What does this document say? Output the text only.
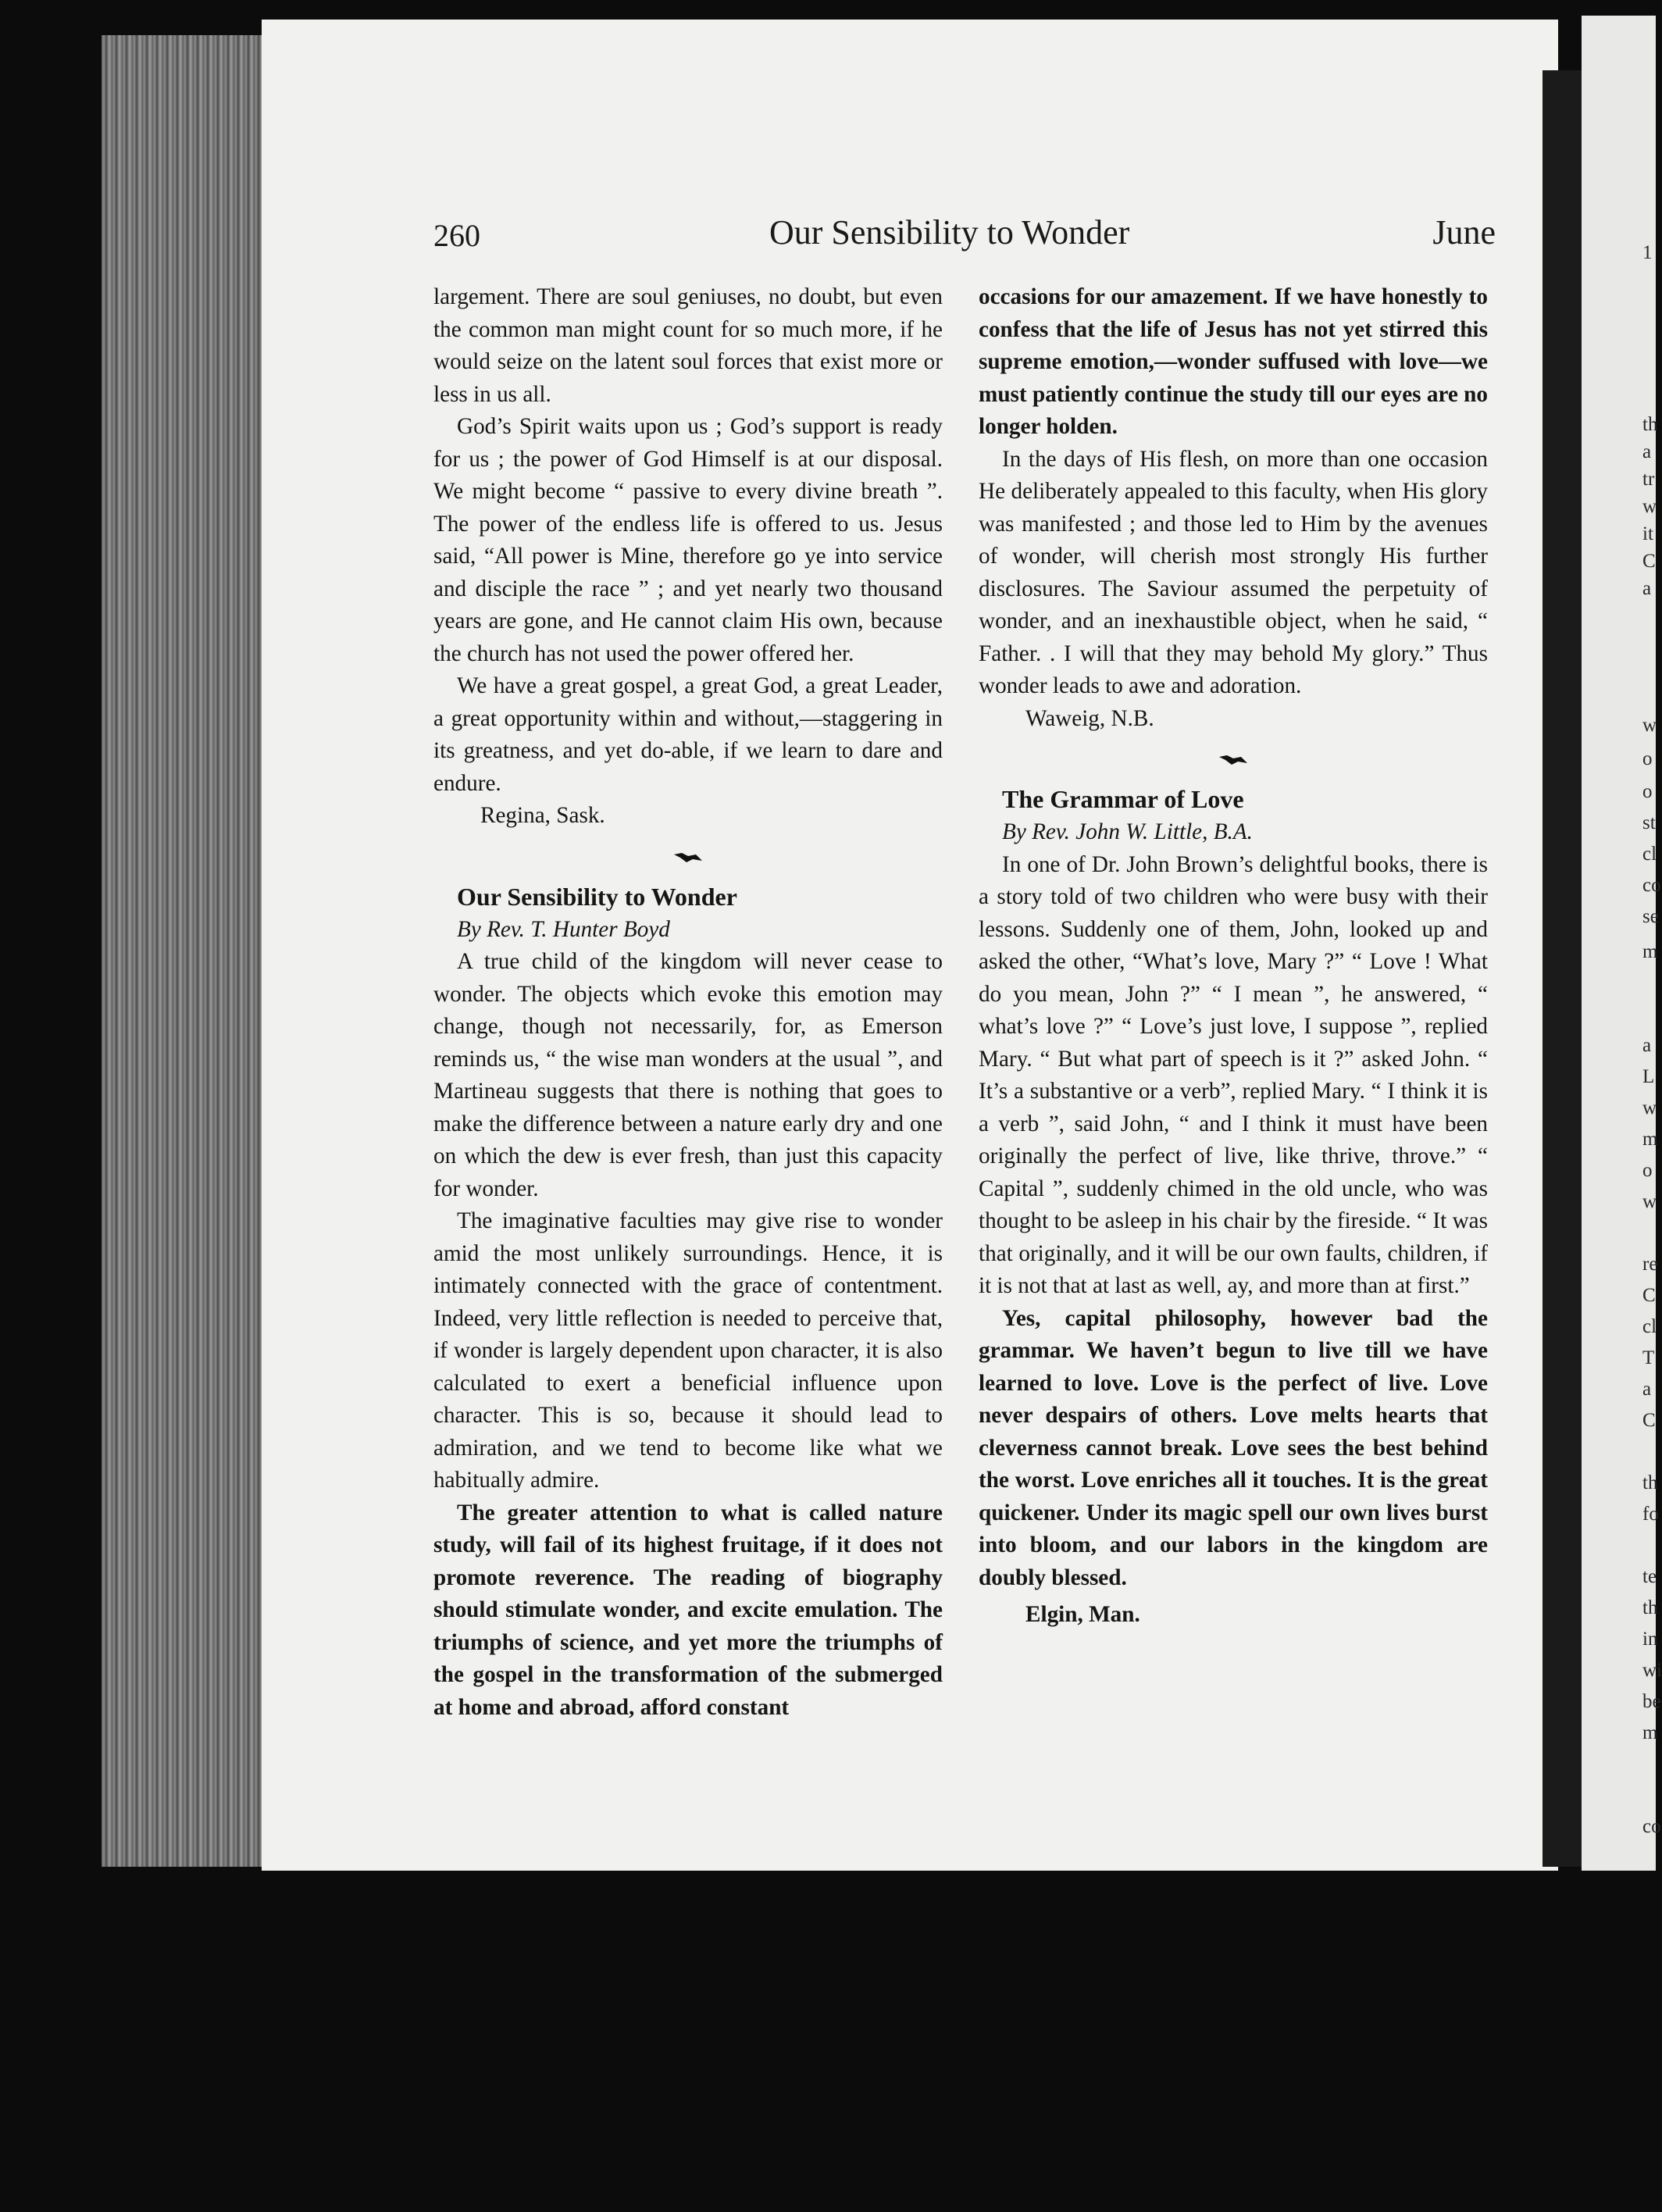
1
th
a
tr
w
it
C
a
w
o
o
st
cl
co
se
m
a
L
w
m
o
w
re
C
cl
T
a
C
th
fo
te
th
in
wi
be
m
co
260	Our Sensibility to Wonder	June

largement. There are soul geniuses, no doubt, but even the common man might count for so much more, if he would seize on the latent soul forces that exist more or less in us all.

God’s Spirit waits upon us ; God’s support is ready for us ; the power of God Himself is at our disposal. We might become “ passive to every divine breath ”. The power of the endless life is offered to us. Jesus said, “All power is Mine, therefore go ye into service and disciple the race ” ; and yet nearly two thousand years are gone, and He cannot claim His own, because the church has not used the power offered her.

We have a great gospel, a great God, a great Leader, a great opportunity within and without,—staggering in its greatness, and yet do-able, if we learn to dare and endure.

Regina, Sask.

Our Sensibility to Wonder

By Rev. T. Hunter Boyd

A true child of the kingdom will never cease to wonder. The objects which evoke this emotion may change, though not necessarily, for, as Emerson reminds us, “ the wise man wonders at the usual ”, and Martineau suggests that there is nothing that goes to make the difference between a nature early dry and one on which the dew is ever fresh, than just this capacity for wonder.

The imaginative faculties may give rise to wonder amid the most unlikely surroundings. Hence, it is intimately connected with the grace of contentment. Indeed, very little reflection is needed to perceive that, if wonder is largely dependent upon character, it is also calculated to exert a beneficial influence upon character. This is so, because it should lead to admiration, and we tend to become like what we habitually admire.

The greater attention to what is called nature study, will fail of its highest fruitage, if it does not promote reverence. The reading of biography should stimulate wonder, and excite emulation. The triumphs of science, and yet more the triumphs of the gospel in the transformation of the submerged at home and abroad, afford constant

occasions for our amazement. If we have honestly to confess that the life of Jesus has not yet stirred this supreme emotion,—wonder suffused with love—we must patiently continue the study till our eyes are no longer holden.

In the days of His flesh, on more than one occasion He deliberately appealed to this faculty, when His glory was manifested ; and those led to Him by the avenues of wonder, will cherish most strongly His further disclosures. The Saviour assumed the perpetuity of wonder, and an inexhaustible object, when he said, “ Father. . I will that they may behold My glory.” Thus wonder leads to awe and adoration.

Waweig, N.B.

The Grammar of Love

By Rev. John W. Little, B.A.

In one of Dr. John Brown’s delightful books, there is a story told of two children who were busy with their lessons. Suddenly one of them, John, looked up and asked the other, “What’s love, Mary ?” “ Love ! What do you mean, John ?” “ I mean ”, he answered, “ what’s love ?” “ Love’s just love, I suppose ”, replied Mary. “ But what part of speech is it ?” asked John. “ It’s a substantive or a verb”, replied Mary. “ I think it is a verb ”, said John, “ and I think it must have been originally the perfect of live, like thrive, throve.” “ Capital ”, suddenly chimed in the old uncle, who was thought to be asleep in his chair by the fireside. “ It was that originally, and it will be our own faults, children, if it is not that at last as well, ay, and more than at first.”

Yes, capital philosophy, however bad the grammar. We haven’t begun to live till we have learned to love. Love is the perfect of live. Love never despairs of others. Love melts hearts that cleverness cannot break. Love sees the best behind the worst. Love enriches all it touches. It is the great quickener. Under its magic spell our own lives burst into bloom, and our labors in the kingdom are doubly blessed.

Elgin, Man.
